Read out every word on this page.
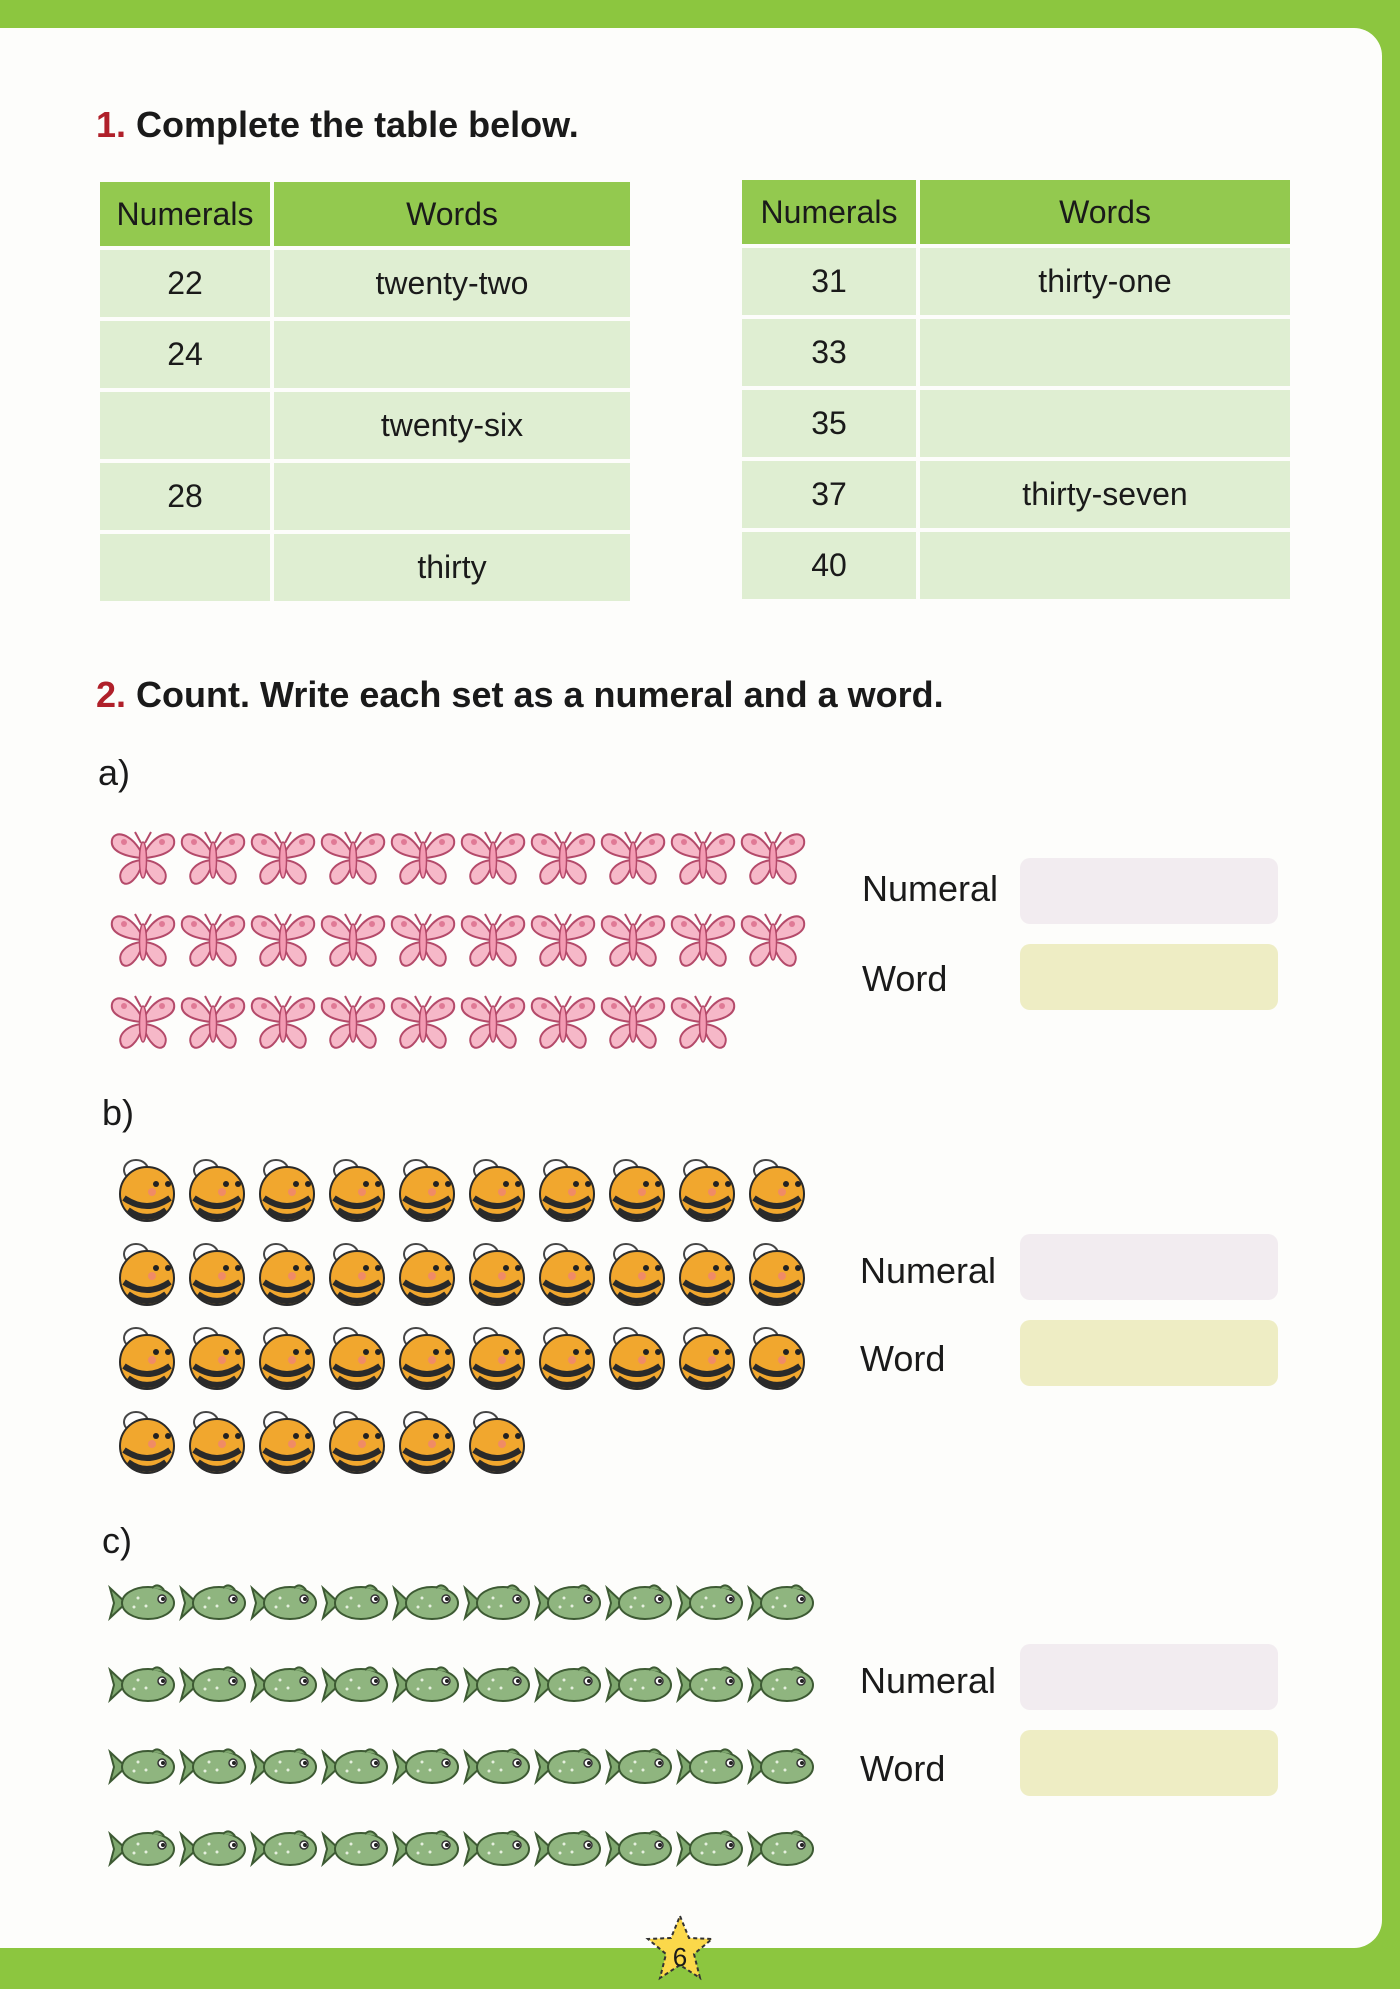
1. Complete the table below.
Numerals	Words
22	twenty-two
24	
	twenty-six
28	
	thirty
Numerals	Words
31	thirty-one
33	
35	
37	thirty-seven
40	
2. Count. Write each set as a numeral and a word.
a)
Numeral
Word
b)
Numeral
Word
c)
Numeral
Word
6
